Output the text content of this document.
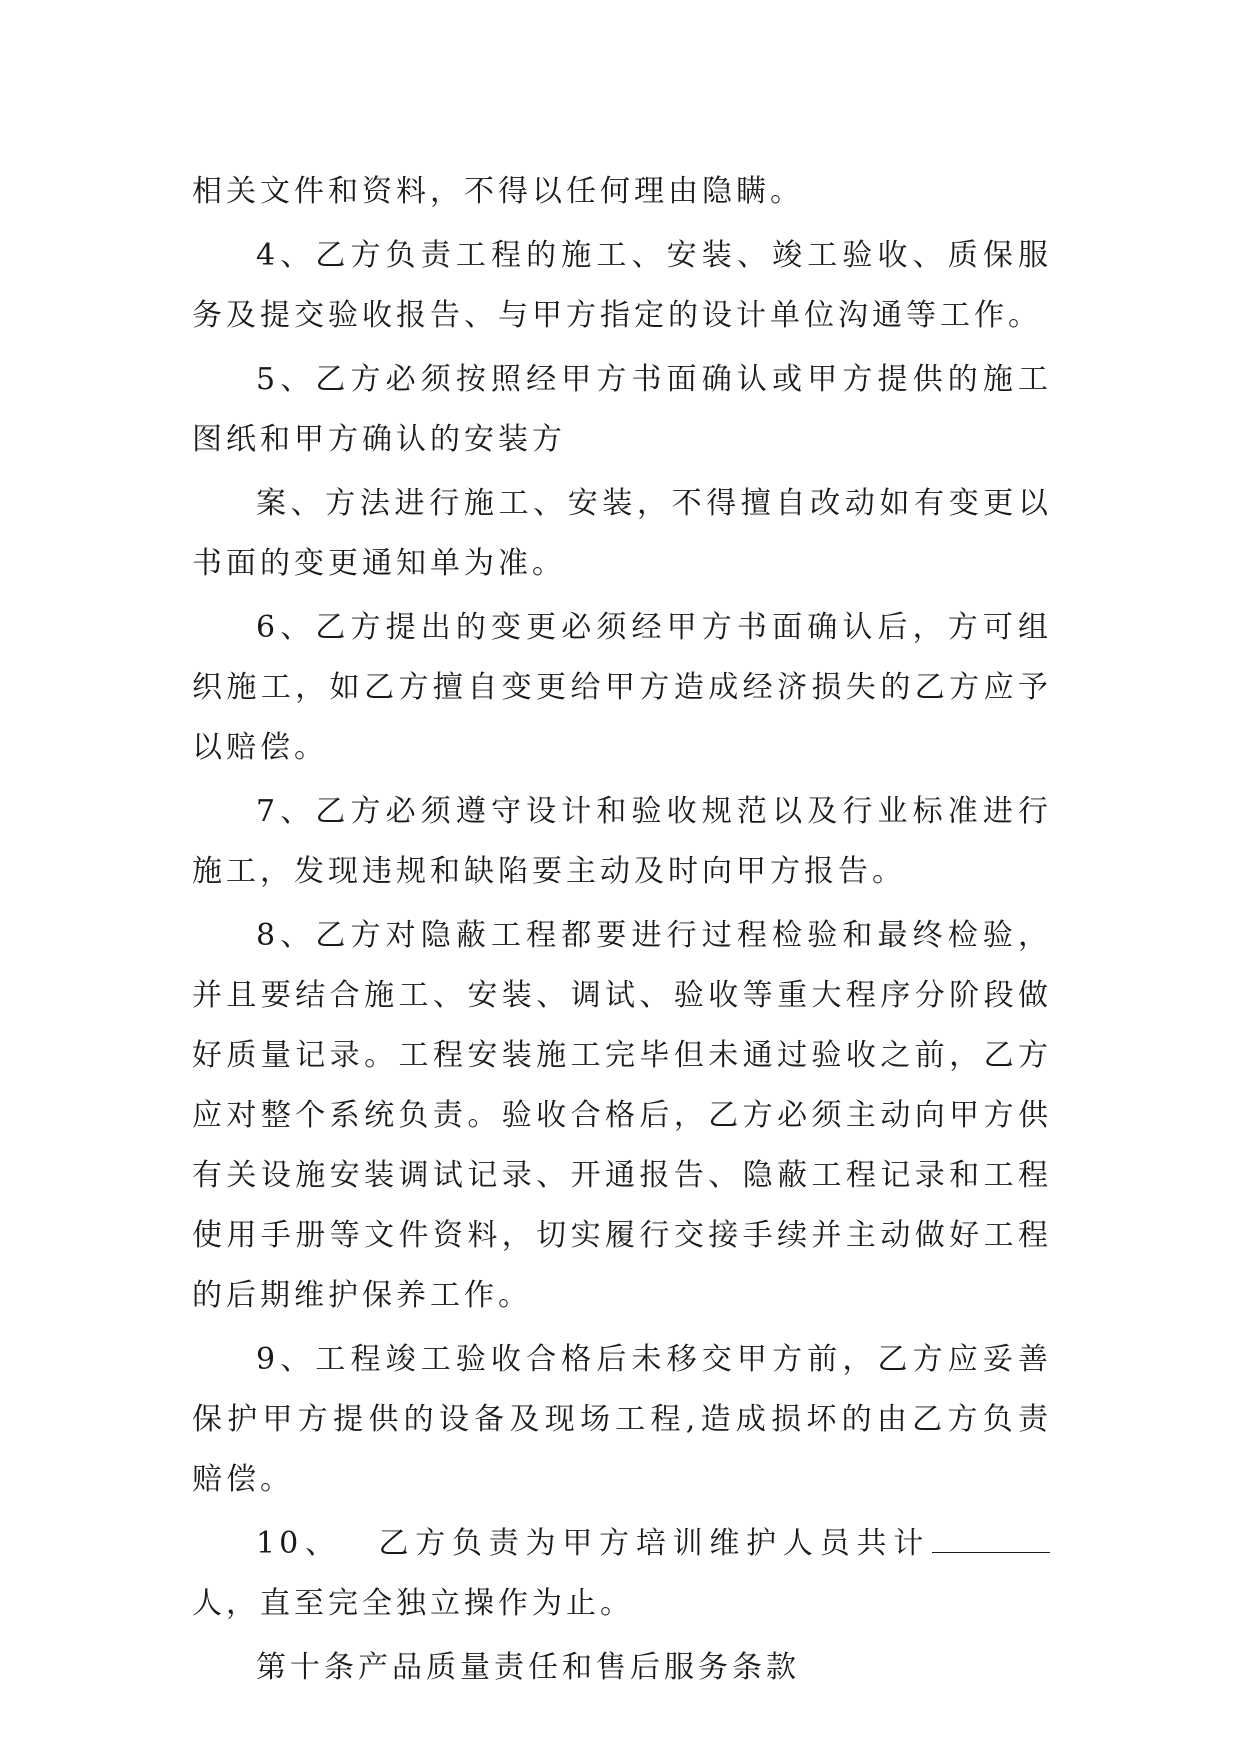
相关文件和资料，不得以任何理由隐瞒。

4、乙方负责工程的施工、安装、竣工验收、质保服务及提交验收报告、与甲方指定的设计单位沟通等工作。

5、乙方必须按照经甲方书面确认或甲方提供的施工图纸和甲方确认的安装方

案、方法进行施工、安装，不得擅自改动如有变更以书面的变更通知单为准。

6、乙方提出的变更必须经甲方书面确认后，方可组织施工，如乙方擅自变更给甲方造成经济损失的乙方应予以赔偿。

7、乙方必须遵守设计和验收规范以及行业标准进行施工，发现违规和缺陷要主动及时向甲方报告。

8、乙方对隐蔽工程都要进行过程检验和最终检验，并且要结合施工、安装、调试、验收等重大程序分阶段做好质量记录。工程安装施工完毕但未通过验收之前，乙方应对整个系统负责。验收合格后，乙方必须主动向甲方供有关设施安装调试记录、开通报告、隐蔽工程记录和工程使用手册等文件资料，切实履行交接手续并主动做好工程的后期维护保养工作。

9、工程竣工验收合格后未移交甲方前，乙方应妥善保护甲方提供的设备及现场工程,造成损坏的由乙方负责赔偿。

10、  乙方负责为甲方培训维护人员共计人，直至完全独立操作为止。

第十条产品质量责任和售后服务条款
